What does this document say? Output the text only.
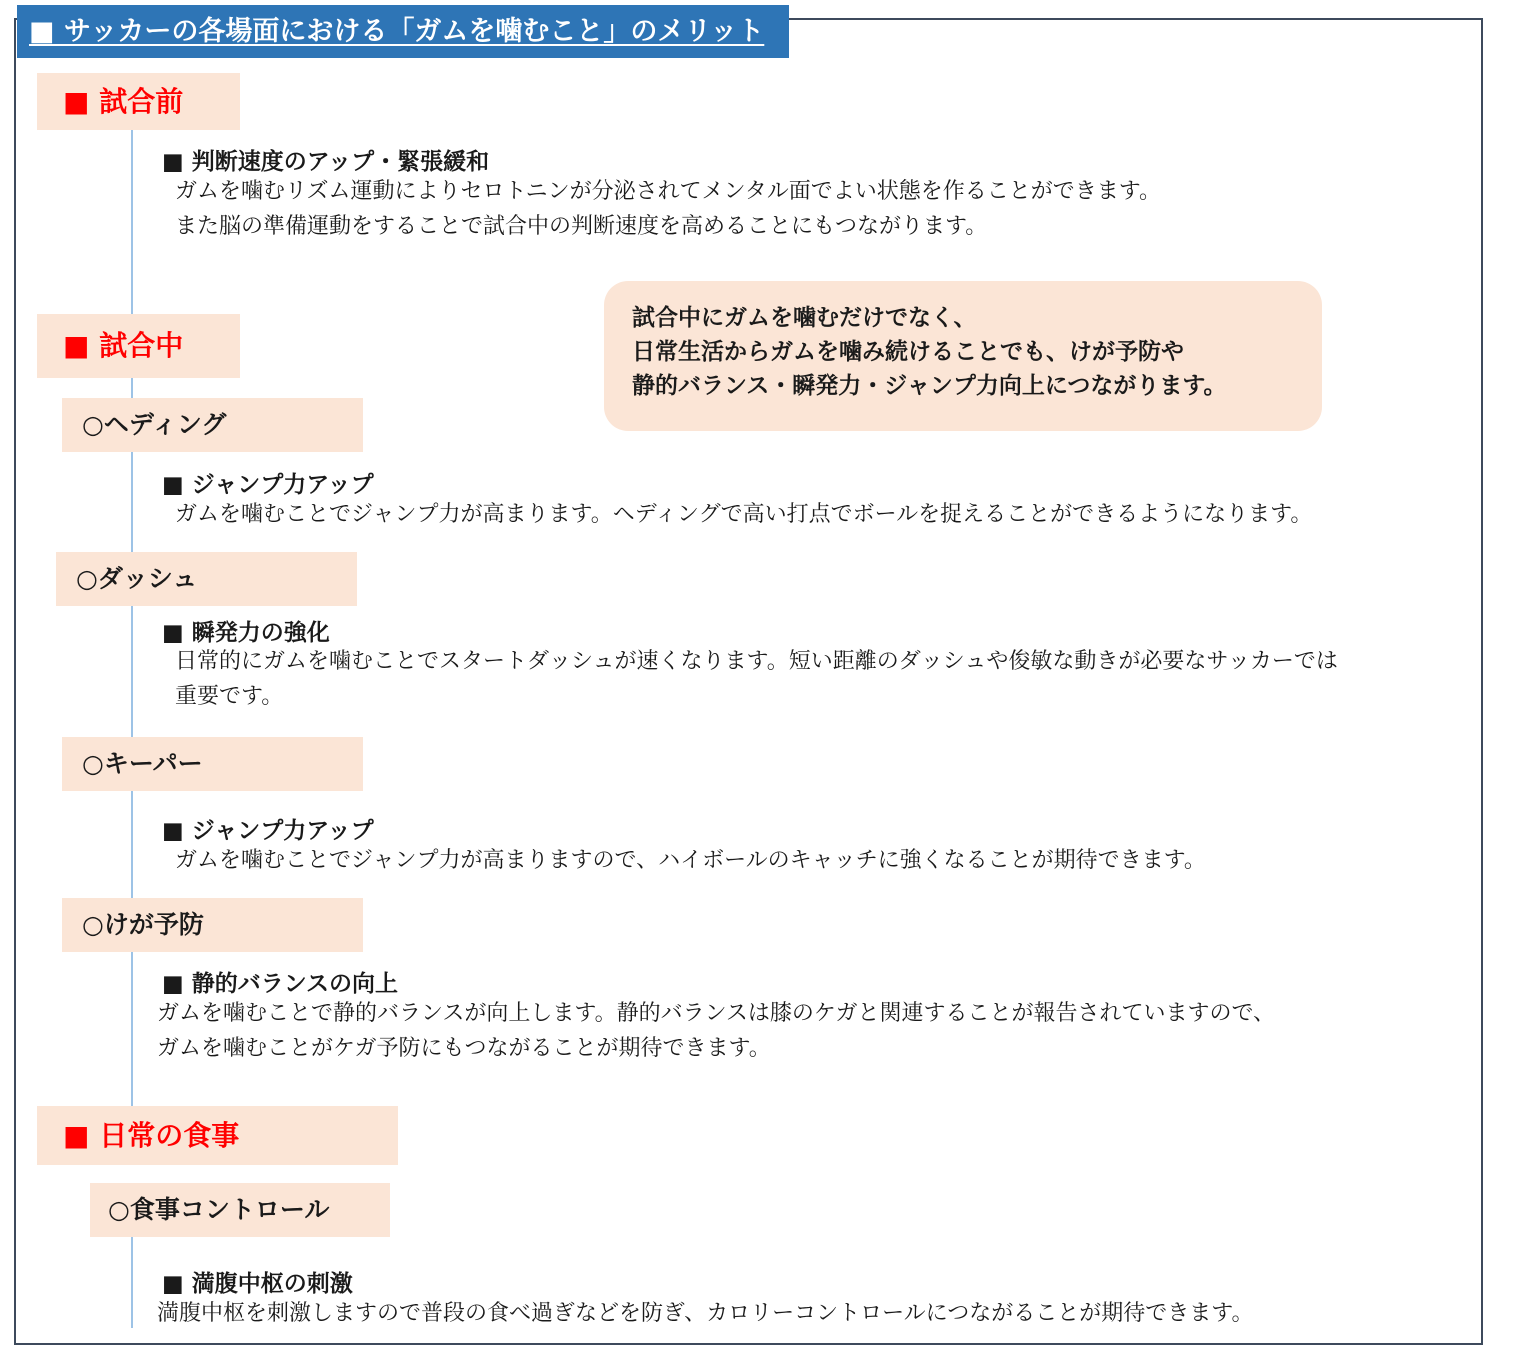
■ サッカーの各場面における「ガムを噛むこと」のメリット
■ 試合前
■ 判断速度のアップ・緊張緩和
ガムを噛むリズム運動によりセロトニンが分泌されてメンタル面でよい状態を作ることができます。
また脳の準備運動をすることで試合中の判断速度を高めることにもつながります。
■ 試合中
試合中にガムを噛むだけでなく、
日常生活からガムを噛み続けることでも、けが予防や
静的バランス・瞬発力・ジャンプ力向上につながります。
○ヘディング
■ ジャンプ力アップ
ガムを噛むことでジャンプ力が高まります。ヘディングで高い打点でボールを捉えることができるようになります。
○ダッシュ
■ 瞬発力の強化
日常的にガムを噛むことでスタートダッシュが速くなります。短い距離のダッシュや俊敏な動きが必要なサッカーでは
重要です。
○キーパー
■ ジャンプ力アップ
ガムを噛むことでジャンプ力が高まりますので、ハイボールのキャッチに強くなることが期待できます。
○けが予防
■ 静的バランスの向上
ガムを噛むことで静的バランスが向上します。静的バランスは膝のケガと関連することが報告されていますので、
ガムを噛むことがケガ予防にもつながることが期待できます。
■ 日常の食事
○食事コントロール
■ 満腹中枢の刺激
満腹中枢を刺激しますので普段の食べ過ぎなどを防ぎ、カロリーコントロールにつながることが期待できます。
